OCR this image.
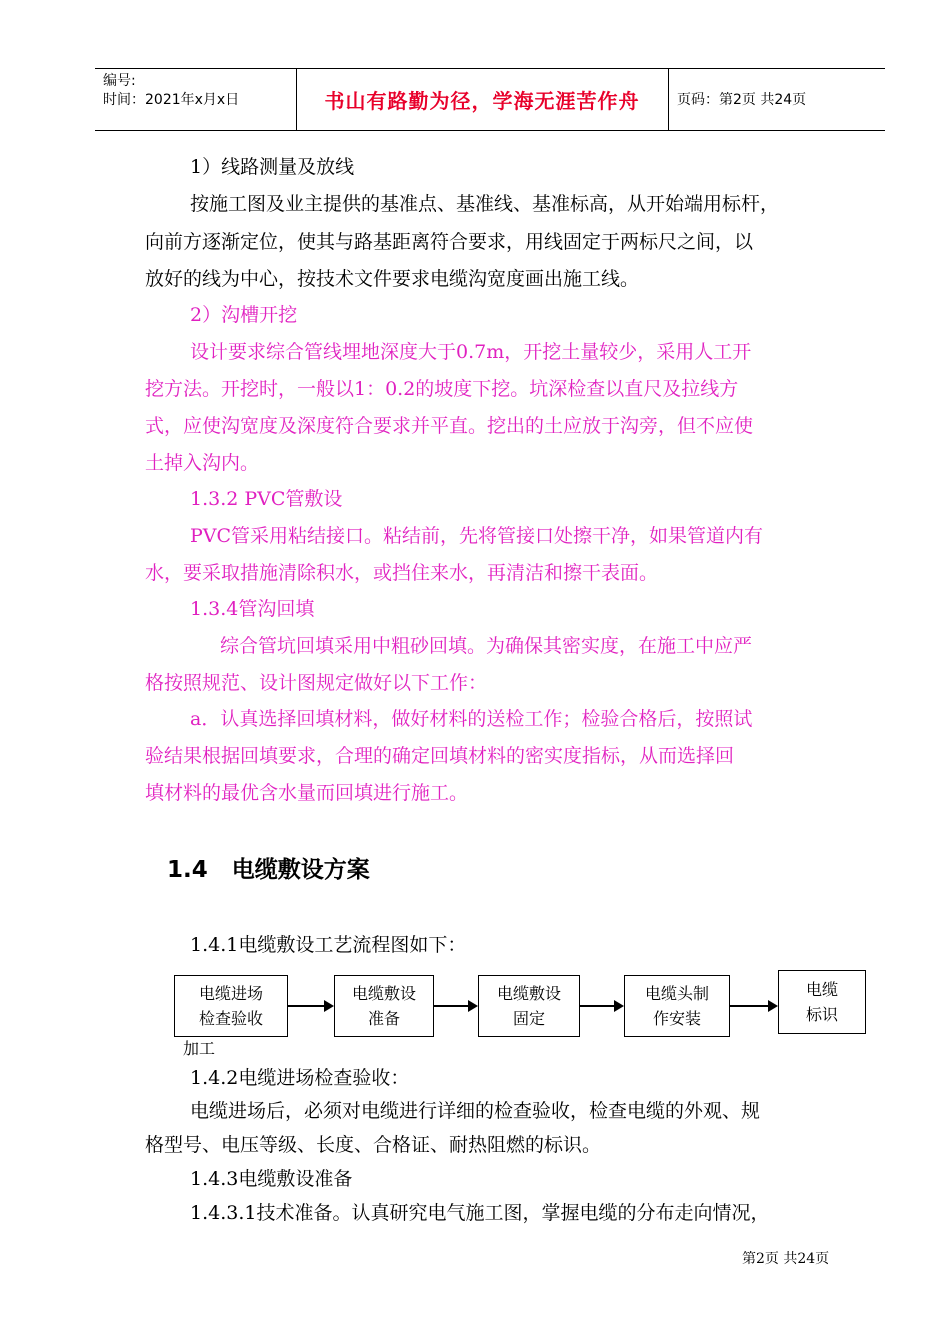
编号:
时间：2021年x月x日	书山有路勤为径，学海无涯苦作舟	页码：第2页 共24页
1）线路测量及放线
按施工图及业主提供的基准点、基准线、基准标高，从开始端用标杆，
向前方逐渐定位，使其与路基距离符合要求，用线固定于两标尺之间，以
放好的线为中心，按技术文件要求电缆沟宽度画出施工线。
2）沟槽开挖
设计要求综合管线埋地深度大于0.7m，开挖土量较少，采用人工开
挖方法。开挖时，一般以1：0.2的坡度下挖。坑深检查以直尺及拉线方
式，应使沟宽度及深度符合要求并平直。挖出的土应放于沟旁，但不应使
土掉入沟内。
1.3.2 PVC管敷设
PVC管采用粘结接口。粘结前，先将管接口处擦干净，如果管道内有
水，要采取措施清除积水，或挡住来水，再清洁和擦干表面。
1.3.4管沟回填
综合管坑回填采用中粗砂回填。为确保其密实度，在施工中应严
格按照规范、设计图规定做好以下工作：
a．认真选择回填材料，做好材料的送检工作；检验合格后，按照试
验结果根据回填要求，合理的确定回填材料的密实度指标，从而选择回
填材料的最优含水量而回填进行施工。
1.4 电缆敷设方案
1.4.1电缆敷设工艺流程图如下：
电缆进场
检查验收
电缆敷设
准备
电缆敷设
固定
电缆头制
作安装
电缆
标识
加工
1.4.2电缆进场检查验收：
电缆进场后，必须对电缆进行详细的检查验收，检查电缆的外观、规
格型号、电压等级、长度、合格证、耐热阻燃的标识。
1.4.3电缆敷设准备
1.4.3.1技术准备。认真研究电气施工图，掌握电缆的分布走向情况，
第2页 共24页
